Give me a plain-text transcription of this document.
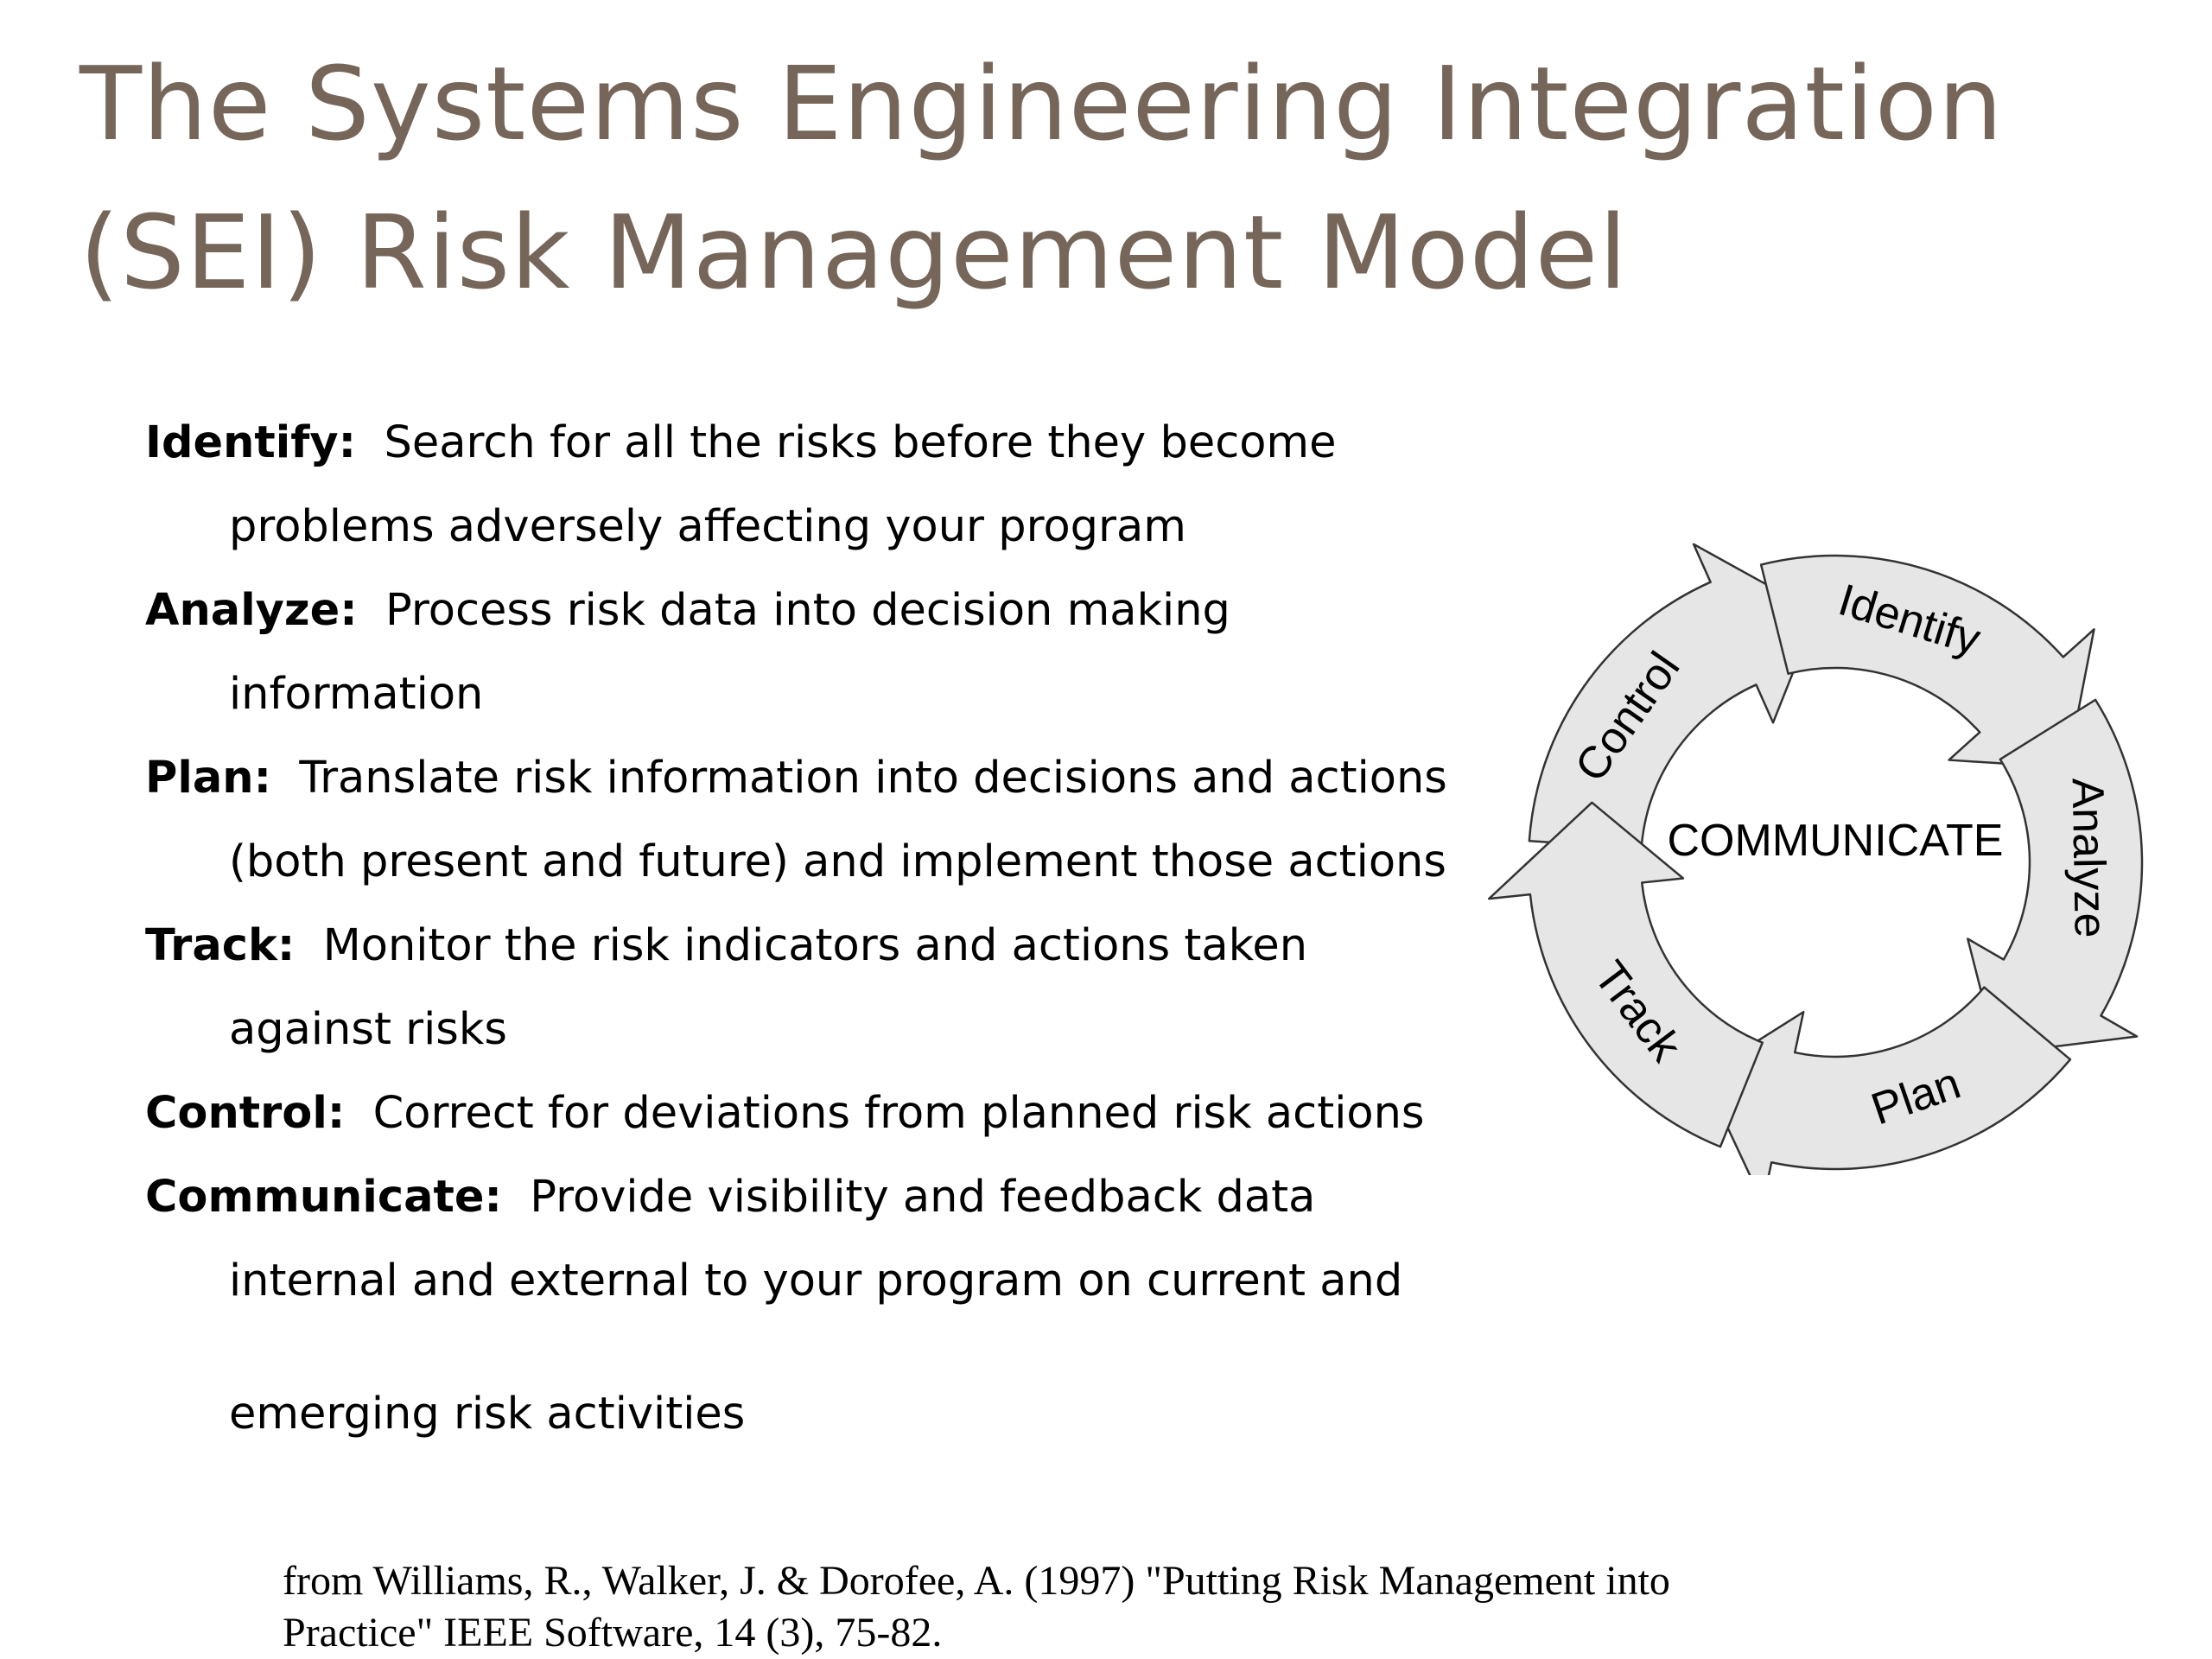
The Systems Engineering Integration
(SEI) Risk Management Model
Identify: Search for all the risks before they become
problems adversely affecting your program
Analyze: Process risk data into decision making
information
Plan: Translate risk information into decisions and actions
(both present and future) and implement those actions
Track: Monitor the risk indicators and actions taken
against risks
Control: Correct for deviations from planned risk actions
Communicate: Provide visibility and feedback data
internal and external to your program on current and
emerging risk activities
Control
Identify
Analyze
Plan
Track
COMMUNICATE
from Williams, R., Walker, J. & Dorofee, A. (1997) "Putting Risk Management into
Practice" IEEE Software, 14 (3), 75-82.
